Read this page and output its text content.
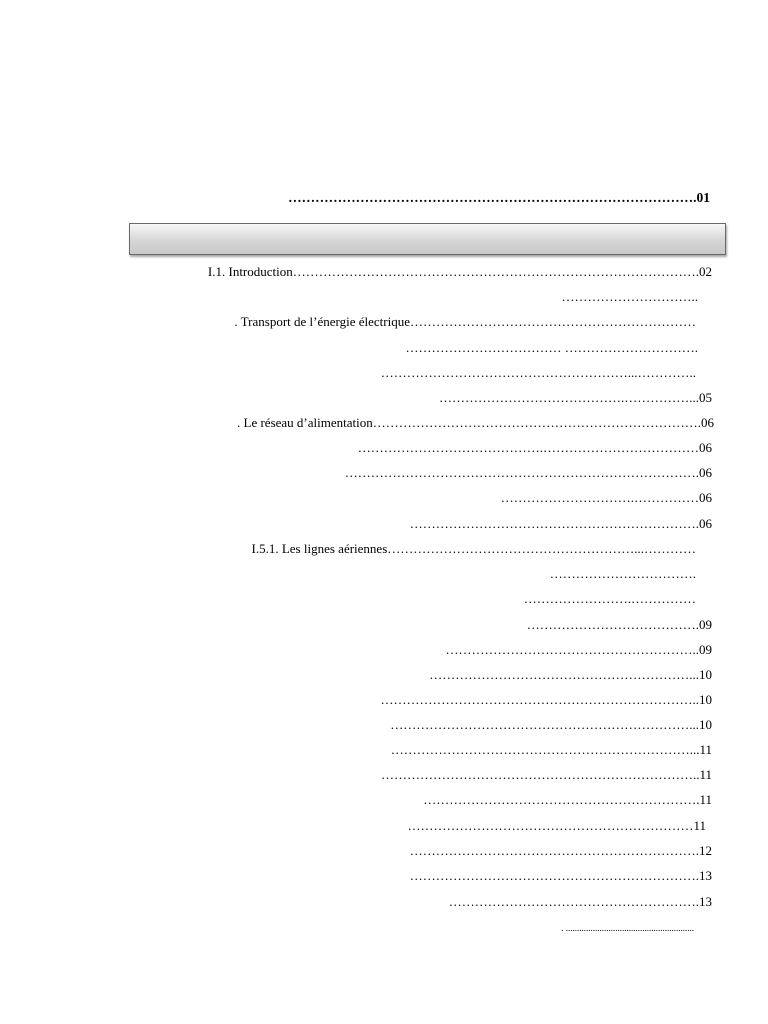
……………………………………………………………………………….01
I.1. Introduction………………………………………………………………………………….02
…………………………..
. Transport de l’énergie électrique…………………………………………………………
……………………………… ………………………….
…………………………………………………...…………..
…………………………………….……………...05
. Le réseau d’alimentation………………………………………………………………….06
…………………………………….………………………………06
……………………………………………………………………….06
………………………….……………06
………………………………………………………….06
I.5.1. Les lignes aériennes…………………………………………………...…………
…………………………….
…………………….……………
………………………………….09
…………………………………………………..09
……………………………………………………...10
………………………………………………………………..10
……………………………………………………………...10
……………………………………………………………...11
………………………………………………………………..11
……………………………………………………….11
…………………………………………………………11
………………………………………………………….12
………………………………………………………….13
………………………………………………….13
. .........................................................
